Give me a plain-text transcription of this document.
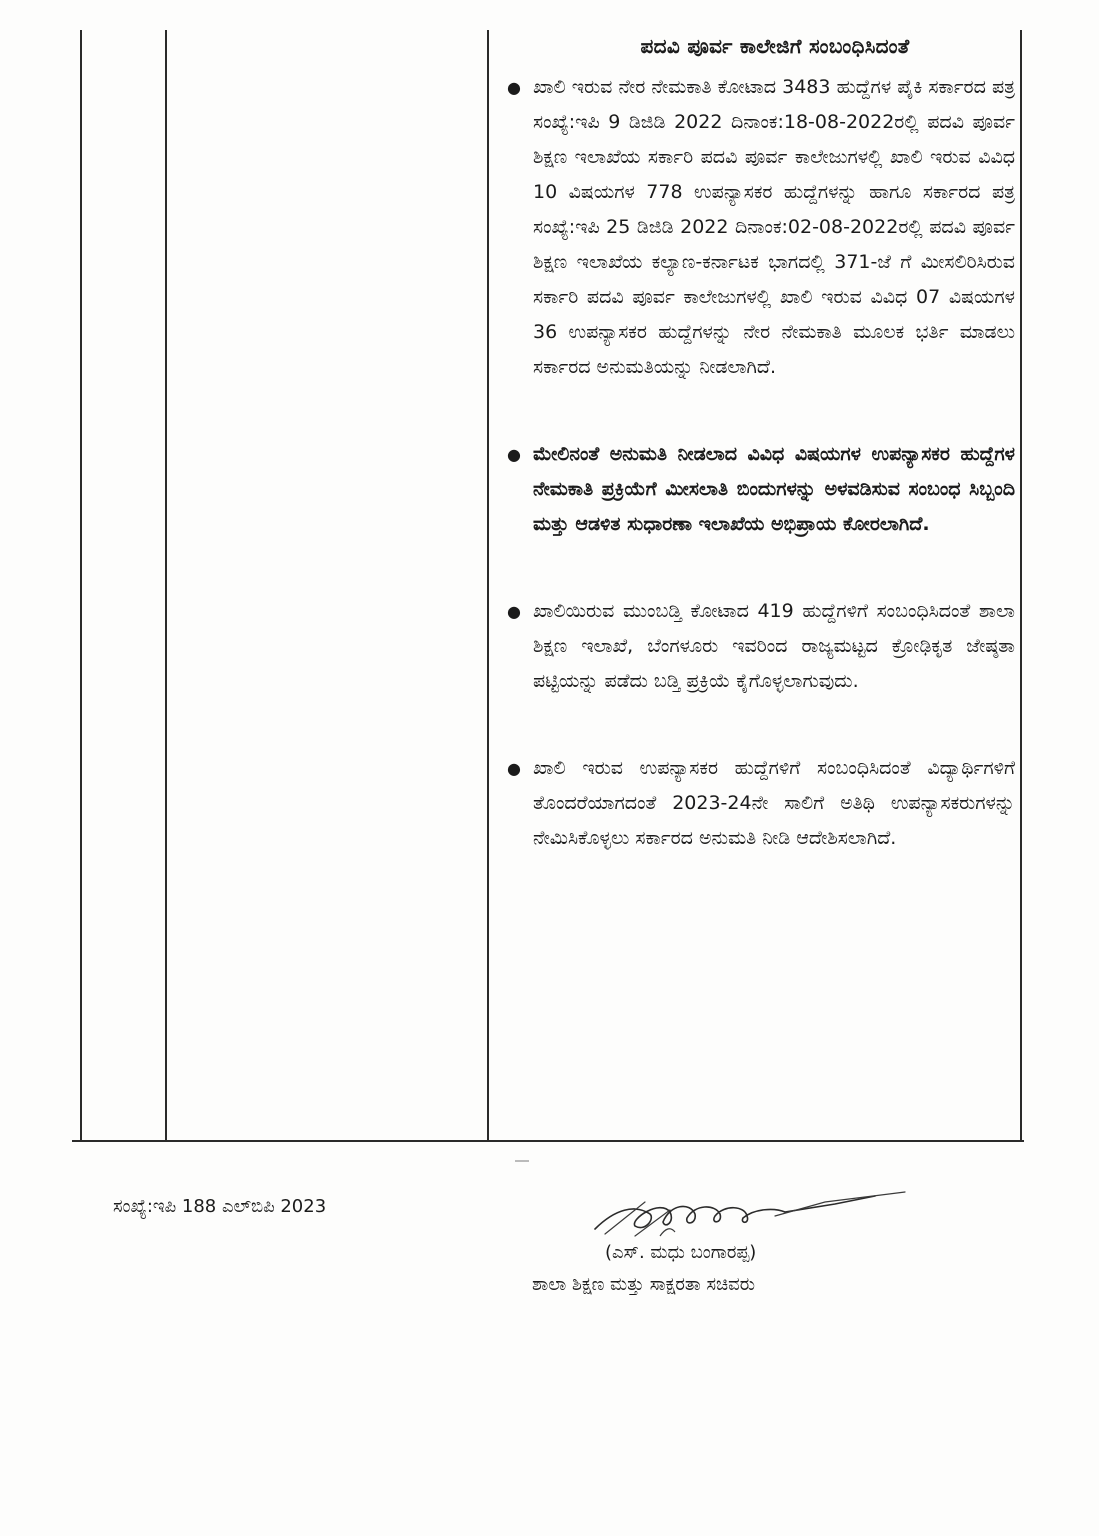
ಪದವಿ ಪೂರ್ವ ಕಾಲೇಜಿಗೆ ಸಂಬಂಧಿಸಿದಂತೆ
● ಖಾಲಿ ಇರುವ ನೇರ ನೇಮಕಾತಿ ಕೋಟಾದ 3483 ಹುದ್ದೆಗಳ ಪೈಕಿ ಸರ್ಕಾರದ ಪತ್ರ ಸಂಖ್ಯೆ:ಇಪಿ 9 ಡಿಜಿಡಿ 2022 ದಿನಾಂಕ:18-08-2022ರಲ್ಲಿ ಪದವಿ ಪೂರ್ವ ಶಿಕ್ಷಣ ಇಲಾಖೆಯ ಸರ್ಕಾರಿ ಪದವಿ ಪೂರ್ವ ಕಾಲೇಜುಗಳಲ್ಲಿ ಖಾಲಿ ಇರುವ ವಿವಿಧ 10 ವಿಷಯಗಳ 778 ಉಪನ್ಯಾಸಕರ ಹುದ್ದೆಗಳನ್ನು ಹಾಗೂ ಸರ್ಕಾರದ ಪತ್ರ ಸಂಖ್ಯೆ:ಇಪಿ 25 ಡಿಜಿಡಿ 2022 ದಿನಾಂಕ:02-08-2022ರಲ್ಲಿ ಪದವಿ ಪೂರ್ವ ಶಿಕ್ಷಣ ಇಲಾಖೆಯ ಕಲ್ಯಾಣ-ಕರ್ನಾಟಕ ಭಾಗದಲ್ಲಿ 371-ಜೆ ಗೆ ಮೀಸಲಿರಿಸಿರುವ ಸರ್ಕಾರಿ ಪದವಿ ಪೂರ್ವ ಕಾಲೇಜುಗಳಲ್ಲಿ ಖಾಲಿ ಇರುವ ವಿವಿಧ 07 ವಿಷಯಗಳ 36 ಉಪನ್ಯಾಸಕರ ಹುದ್ದೆಗಳನ್ನು ನೇರ ನೇಮಕಾತಿ ಮೂಲಕ ಭರ್ತಿ ಮಾಡಲು ಸರ್ಕಾರದ ಅನುಮತಿಯನ್ನು ನೀಡಲಾಗಿದೆ.
● ಮೇಲಿನಂತೆ ಅನುಮತಿ ನೀಡಲಾದ ವಿವಿಧ ವಿಷಯಗಳ ಉಪನ್ಯಾಸಕರ ಹುದ್ದೆಗಳ ನೇಮಕಾತಿ ಪ್ರಕ್ರಿಯೆಗೆ ಮೀಸಲಾತಿ ಬಿಂದುಗಳನ್ನು ಅಳವಡಿಸುವ ಸಂಬಂಧ ಸಿಬ್ಬಂದಿ ಮತ್ತು ಆಡಳಿತ ಸುಧಾರಣಾ ಇಲಾಖೆಯ ಅಭಿಪ್ರಾಯ ಕೋರಲಾಗಿದೆ.
● ಖಾಲಿಯಿರುವ ಮುಂಬಡ್ತಿ ಕೋಟಾದ 419 ಹುದ್ದೆಗಳಿಗೆ ಸಂಬಂಧಿಸಿದಂತೆ ಶಾಲಾ ಶಿಕ್ಷಣ ಇಲಾಖೆ, ಬೆಂಗಳೂರು ಇವರಿಂದ ರಾಜ್ಯಮಟ್ಟದ ಕ್ರೋಢಿಕೃತ ಜೇಷ್ಠತಾ ಪಟ್ಟಿಯನ್ನು ಪಡೆದು ಬಡ್ತಿ ಪ್ರಕ್ರಿಯೆ ಕೈಗೊಳ್ಳಲಾಗುವುದು.
● ಖಾಲಿ ಇರುವ ಉಪನ್ಯಾಸಕರ ಹುದ್ದೆಗಳಿಗೆ ಸಂಬಂಧಿಸಿದಂತೆ ವಿದ್ಯಾರ್ಥಿಗಳಿಗೆ ತೊಂದರೆಯಾಗದಂತೆ 2023-24ನೇ ಸಾಲಿಗೆ ಅತಿಥಿ ಉಪನ್ಯಾಸಕರುಗಳನ್ನು ನೇಮಿಸಿಕೊಳ್ಳಲು ಸರ್ಕಾರದ ಅನುಮತಿ ನೀಡಿ ಆದೇಶಿಸಲಾಗಿದೆ.
ಸಂಖ್ಯೆ:ಇಪಿ 188 ಎಲ್‌ಬಿಪಿ 2023
(ಎಸ್. ಮಧು ಬಂಗಾರಪ್ಪ)
ಶಾಲಾ ಶಿಕ್ಷಣ ಮತ್ತು ಸಾಕ್ಷರತಾ ಸಚಿವರು
